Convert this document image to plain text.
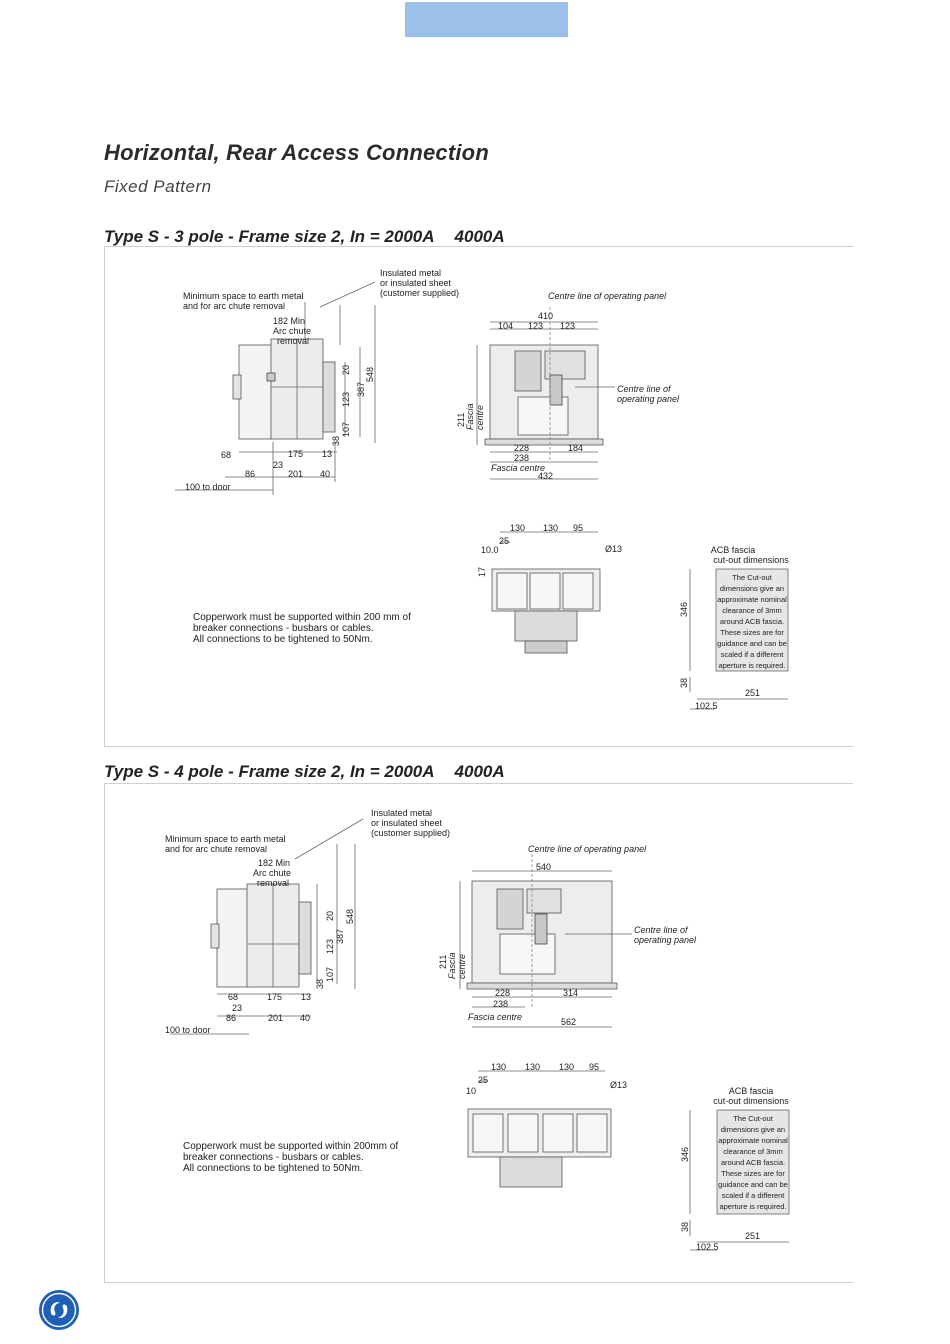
Horizontal, Rear Access Connection
Fixed Pattern
Type S - 3 pole - Frame size 2, In = 2000A 4000A
Minimum space to earth metal
and for arc chute removal
Insulated metal
or insulated sheet
(customer supplied)
182 Min
Arc chute
removal
20
123
387
548
107
38
68	175 13
23
86	201 40
100 to door
Centre line of operating panel
Centre line of
operating panel
Fascia centre
410
104 123 123
211
228	184
238
Fascia centre
432
130 130 95
25
10.0
17
Ø13
Copperwork must be supported within 200 mm of
breaker connections - busbars or cables.
All connections to be tightened to 50Nm.
ACB fascia
cut-out dimensions
The Cut-out
dimensions give an
approximate nominal
clearance of 3mm
around ACB fascia.
These sizes are for
guidance and can be
scaled if a different
aperture is required.
346
38
251
102.5
Type S - 4 pole - Frame size 2, In = 2000A 4000A
Minimum space to earth metal
and for arc chute removal
Insulated metal
or insulated sheet
(customer supplied)
182 Min
Arc chute
removal
20
123
387
548
107
38
68	175 13
23
86	201 40
100 to door
Centre line of operating panel
Centre line of
operating panel
Fascia centre
540
211
228	314
238
Fascia centre	562
130 130 130 95
25
10
Ø13
Copperwork must be supported within 200mm of
breaker connections - busbars or cables.
All connections to be tightened to 50Nm.
ACB fascia
cut-out dimensions
The Cut-out
dimensions give an
approximate nominal
clearance of 3mm
around ACB fascia.
These sizes are for
guidance and can be
scaled if a different
aperture is required.
346
38
251
102.5
